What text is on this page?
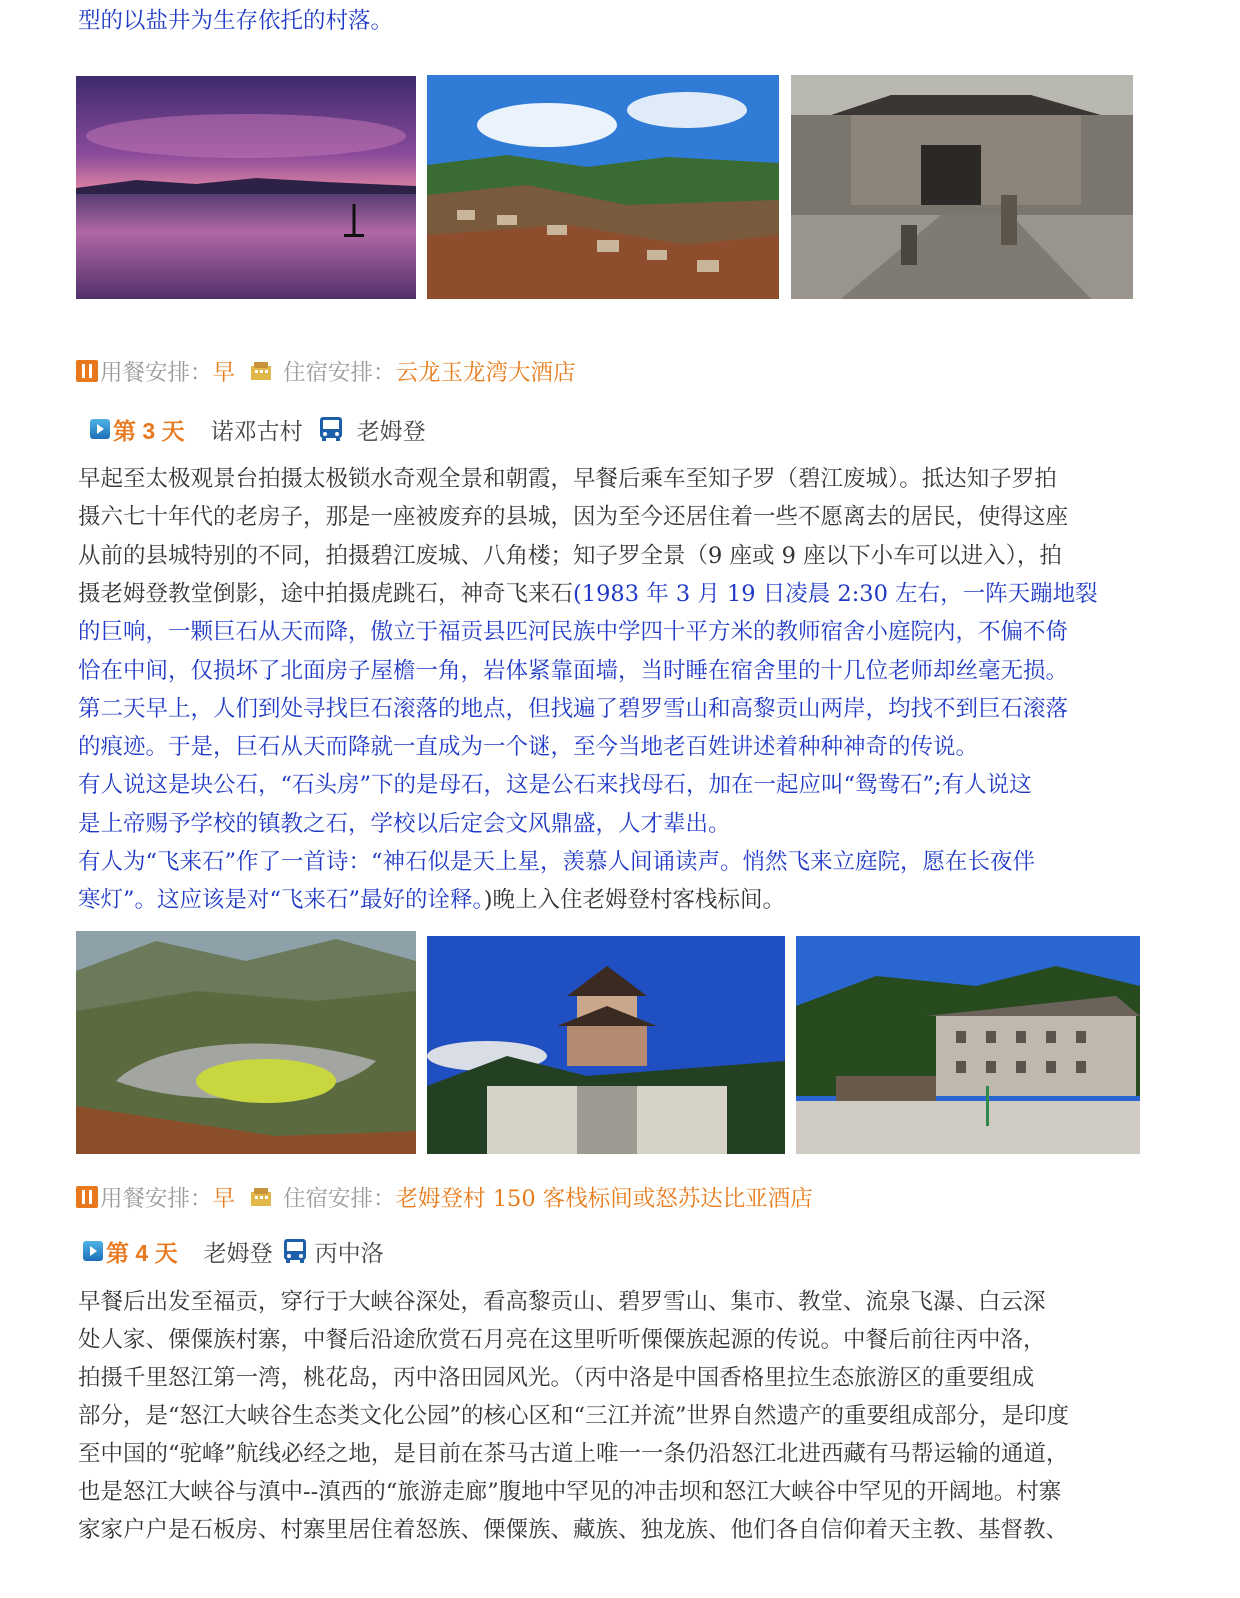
型的以盐井为生存依托的村落。
用餐安排： 早 住宿安排： 云龙玉龙湾大酒店
第 3 天 诺邓古村 老姆登
早起至太极观景台拍摄太极锁水奇观全景和朝霞，早餐后乘车至知子罗（碧江废城）。抵达知子罗拍
摄六七十年代的老房子，那是一座被废弃的县城，因为至今还居住着一些不愿离去的居民，使得这座
从前的县城特别的不同，拍摄碧江废城、八角楼；知子罗全景（9 座或 9 座以下小车可以进入），拍
摄老姆登教堂倒影，途中拍摄虎跳石，神奇飞来石(1983 年 3 月 19 日凌晨 2:30 左右，一阵天蹦地裂
的巨响，一颗巨石从天而降，傲立于福贡县匹河民族中学四十平方米的教师宿舍小庭院内，不偏不倚
恰在中间，仅损坏了北面房子屋檐一角，岩体紧靠面墙，当时睡在宿舍里的十几位老师却丝毫无损。
第二天早上，人们到处寻找巨石滚落的地点，但找遍了碧罗雪山和高黎贡山两岸，均找不到巨石滚落
的痕迹。于是，巨石从天而降就一直成为一个谜，至今当地老百姓讲述着种种神奇的传说。
有人说这是块公石，“石头房”下的是母石，这是公石来找母石，加在一起应叫“鸳鸯石”;有人说这
是上帝赐予学校的镇教之石，学校以后定会文风鼎盛，人才辈出。
有人为“飞来石”作了一首诗：“神石似是天上星，羡慕人间诵读声。悄然飞来立庭院，愿在长夜伴
寒灯”。这应该是对“飞来石”最好的诠释。)晚上入住老姆登村客栈标间。
用餐安排： 早 住宿安排： 老姆登村 150 客栈标间或怒苏达比亚酒店
第 4 天 老姆登 丙中洛
早餐后出发至福贡，穿行于大峡谷深处，看高黎贡山、碧罗雪山、集市、教堂、流泉飞瀑、白云深
处人家、傈僳族村寨，中餐后沿途欣赏石月亮在这里听听傈僳族起源的传说。中餐后前往丙中洛，
拍摄千里怒江第一湾，桃花岛，丙中洛田园风光。（丙中洛是中国香格里拉生态旅游区的重要组成
部分，是“怒江大峡谷生态类文化公园”的核心区和“三江并流”世界自然遗产的重要组成部分，是印度
至中国的“驼峰”航线必经之地，是目前在茶马古道上唯一一条仍沿怒江北进西藏有马帮运输的通道，
也是怒江大峡谷与滇中--滇西的“旅游走廊”腹地中罕见的冲击坝和怒江大峡谷中罕见的开阔地。村寨
家家户户是石板房、村寨里居住着怒族、傈僳族、藏族、独龙族、他们各自信仰着天主教、基督教、
